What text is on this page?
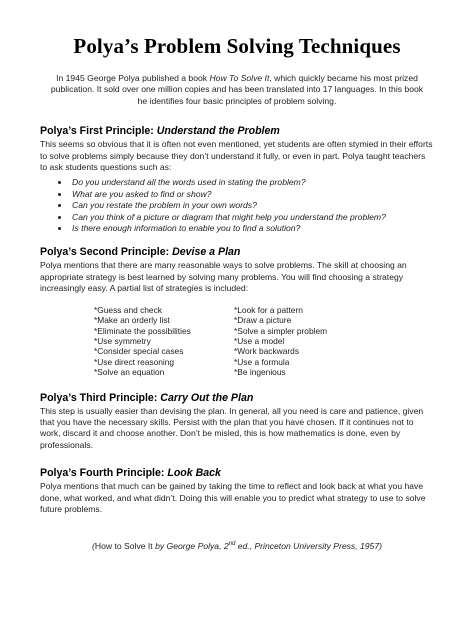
Polya’s Problem Solving Techniques

In 1945 George Polya published a book How To Solve It, which quickly became his most prized publication. It sold over one million copies and has been translated into 17 languages. In this book he identifies four basic principles of problem solving.

Polya’s First Principle: Understand the Problem

This seems so obvious that it is often not even mentioned, yet students are often stymied in their efforts to solve problems simply because they don’t understand it fully, or even in part. Polya taught teachers to ask students questions such as:

• Do you understand all the words used in stating the problem?
• What are you asked to find or show?
• Can you restate the problem in your own words?
• Can you think of a picture or diagram that might help you understand the problem?
• Is there enough information to enable you to find a solution?
Polya’s Second Principle: Devise a Plan

Polya mentions that there are many reasonable ways to solve problems. The skill at choosing an appropriate strategy is best learned by solving many problems. You will find choosing a strategy increasingly easy. A partial list of strategies is included:

*Guess and check
*Make an orderly list
*Eliminate the possibilities
*Use symmetry
*Consider special cases
*Use direct reasoning
*Solve an equation
*Look for a pattern
*Draw a picture
*Solve a simpler problem
*Use a model
*Work backwards
*Use a formula
*Be ingenious
Polya’s Third Principle: Carry Out the Plan

This step is usually easier than devising the plan. In general, all you need is care and patience, given that you have the necessary skills. Persist with the plan that you have chosen. If it continues not to work, discard it and choose another. Don’t be misled, this is how mathematics is done, even by professionals.

Polya’s Fourth Principle: Look Back

Polya mentions that much can be gained by taking the time to reflect and look back at what you have done, what worked, and what didn’t. Doing this will enable you to predict what strategy to use to solve future problems.

(How to Solve It by George Polya, 2nd ed., Princeton University Press, 1957)
